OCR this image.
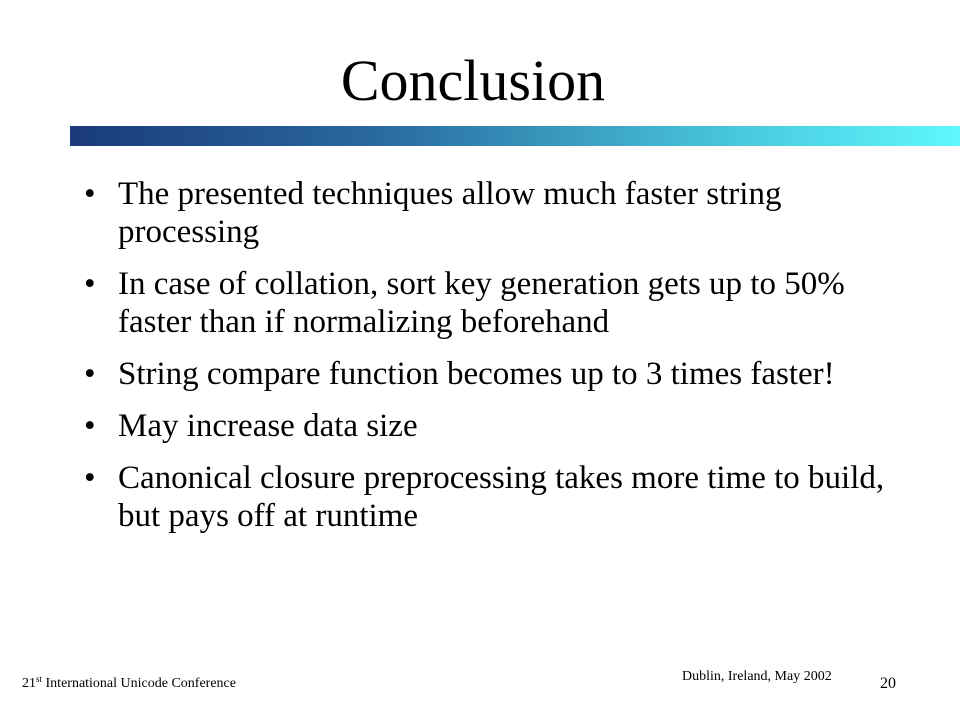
Conclusion
• The presented techniques allow much faster string processing
• In case of collation, sort key generation gets up to 50% faster than if normalizing beforehand
• String compare function becomes up to 3 times faster!
• May increase data size
• Canonical closure preprocessing takes more time to build, but pays off at runtime
21st International Unicode Conference	Dublin, Ireland, May 2002	20
